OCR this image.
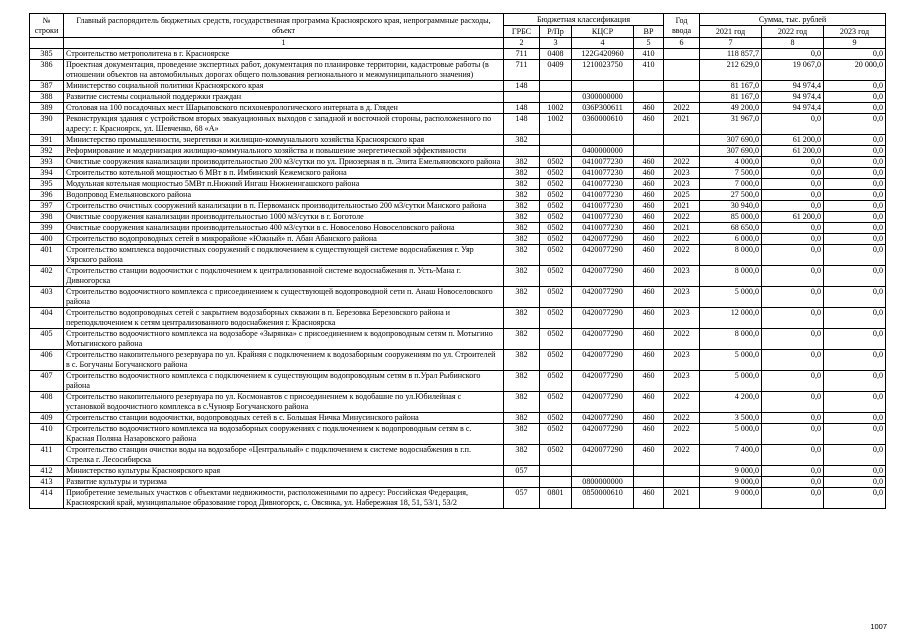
№ строки	Главный распорядитель бюджетных средств, государственная программа Красноярского края, непрограммные расходы, объект	Бюджетная классификация				Год ввода	Сумма, тыс. рублей		
		ГРБС	Р/Пр	КЦСР	ВР		2021 год	2022 год	2023 год
	1	2	3	4	5	6	7	8	9
385	Строительство метрополитена в г. Красноярске	711	0408	122G420960	410		118 857,7	0,0	0,0
386	Проектная документация, проведение экспертных работ, документация по планировке территории, кадастровые работы (в отношении объектов на автомобильных дорогах общего пользования регионального и межмуниципального значения)	711	0409	1210023750	410		212 629,0	19 067,0	20 000,0
387	Министерство социальной политики Красноярского края	148					81 167,0	94 974,4	0,0
388	Развитие системы социальной поддержки граждан			0300000000			81 167,0	94 974,4	0,0
389	Столовая на 100 посадочных мест Шарыповского психоневрологического интерната в д. Гляден	148	1002	036P300611	460	2022	49 200,0	94 974,4	0,0
390	Реконструкция здания с устройством вторых эвакуационных выходов с западной и восточной стороны, расположенного по адресу: г. Красноярск, ул. Шевченко, 68 «А»	148	1002	0360000610	460	2021	31 967,0	0,0	0,0
391	Министерство промышленности, энергетики и жилищно-коммунального хозяйства Красноярского края	382					307 690,0	61 200,0	0,0
392	Реформирование и модернизация жилищно-коммунального хозяйства и повышение энергетической эффективности			0400000000			307 690,0	61 200,0	0,0
393	Очистные сооружения канализации производительностью 200 м3/сутки по ул. Приозерная в п. Элита Емельяновского района	382	0502	0410077230	460	2022	4 000,0	0,0	0,0
394	Строительство котельной мощностью 6 МВт в п. Имбинский Кежемского района	382	0502	0410077230	460	2023	7 500,0	0,0	0,0
395	Модульная котельная мощностью 5МВт п.Нижний Ингаш Нижнеингашского района	382	0502	0410077230	460	2023	7 000,0	0,0	0,0
396	Водопровод Емельяновского района	382	0502	0410077230	460	2025	27 500,0	0,0	0,0
397	Строительство очистных сооружений канализации в п. Первоманск производительностью 200 м3/сутки Манского района	382	0502	0410077230	460	2021	30 940,0	0,0	0,0
398	Очистные сооружения канализации производительностью 1000 м3/сутки в г. Боготоле	382	0502	0410077230	460	2022	85 000,0	61 200,0	0,0
399	Очистные сооружения канализации производительностью 400 м3/сутки в с. Новоселово Новоселовского района	382	0502	0410077230	460	2021	68 650,0	0,0	0,0
400	Строительство водопроводных сетей в микрорайоне «Южный» п. Абан Абанского района	382	0502	0420077290	460	2022	6 000,0	0,0	0,0
401	Строительство комплекса водоочистных сооружений с подключением к существующей системе водоснабжения г. Уяр Уярского района	382	0502	0420077290	460	2022	8 000,0	0,0	0,0
402	Строительство станции водоочистки с подключением к централизованной системе водоснабжения п. Усть-Мана г. Дивногорска	382	0502	0420077290	460	2023	8 000,0	0,0	0,0
403	Строительство водоочистного комплекса с присоединением к существующей водопроводной сети п. Анаш Новоселовского района	382	0502	0420077290	460	2023	5 000,0	0,0	0,0
404	Строительство водопроводных сетей с закрытием водозаборных скважин в п. Березовка Березовского района и переподключением к сетям централизованного водоснабжения г. Красноярска	382	0502	0420077290	460	2023	12 000,0	0,0	0,0
405	Строительство водоочистного комплекса на водозаборе «Зырянка» с присоединением к водопроводным сетям п. Мотыгино Мотыгинского района	382	0502	0420077290	460	2022	8 000,0	0,0	0,0
406	Строительство накопительного резервуара по ул. Крайняя с подключением к водозаборным сооружениям по ул. Строителей в с. Богучаны Богучанского района	382	0502	0420077290	460	2023	5 000,0	0,0	0,0
407	Строительство водоочистного комплекса с подключением к существующим водопроводным сетям в п.Урал Рыбинского района	382	0502	0420077290	460	2023	5 000,0	0,0	0,0
408	Строительство накопительного резервуара по ул. Космонавтов с присоединением к водобашне по ул.Юбилейная с установкой водоочистного комплекса в с.Чунояр Богучанского района	382	0502	0420077290	460	2022	4 200,0	0,0	0,0
409	Строительство станции водоочистки, водопроводных сетей в с. Большая Ничка Минусинского района	382	0502	0420077290	460	2022	3 500,0	0,0	0,0
410	Строительство водоочистного комплекса на водозаборных сооружениях с подключением к водопроводным сетям в с. Красная Поляна Назаровского района	382	0502	0420077290	460	2022	5 000,0	0,0	0,0
411	Строительство станции очистки воды на водозаборе «Центральный» с подключением к системе водоснабжения в г.п. Стрелка г. Лесосибирска	382	0502	0420077290	460	2022	7 400,0	0,0	0,0
412	Министерство культуры Красноярского края	057					9 000,0	0,0	0,0
413	Развитие культуры и туризма			0800000000			9 000,0	0,0	0,0
414	Приобретение земельных участков с объектами недвижимости, расположенными по адресу: Российская Федерация, Красноярский край, муниципальное образование город Дивногорск, с. Овсянка, ул. Набережная 18, 51, 53/1, 53/2	057	0801	0850000610	460	2021	9 000,0	0,0	0,0
1007
